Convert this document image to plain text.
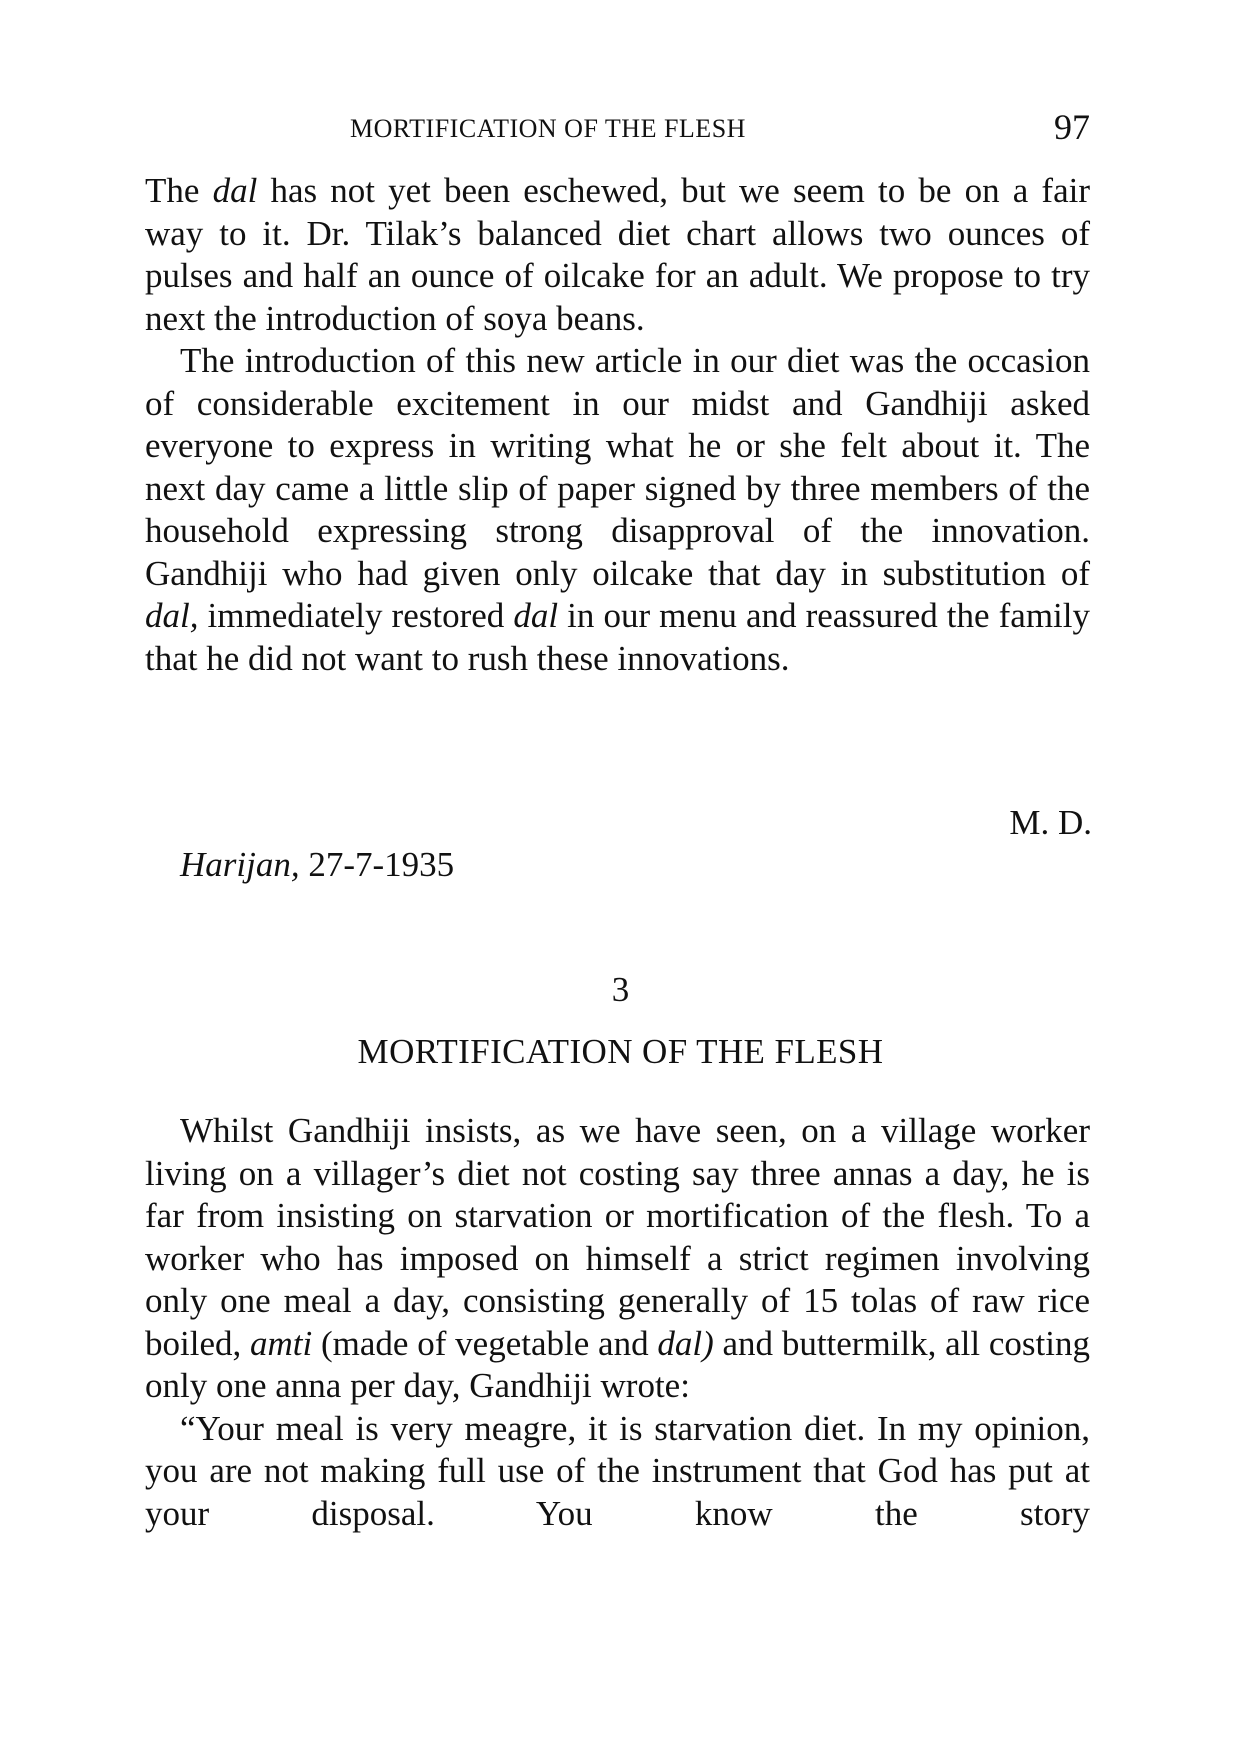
MORTIFICATION OF THE FLESH	97

The dal has not yet been eschewed, but we seem to be on a fair way to it. Dr. Tilak’s balanced diet chart allows two ounces of pulses and half an ounce of oilcake for an adult. We propose to try next the introduction of soya beans.

The introduction of this new article in our diet was the occasion of considerable excitement in our midst and Gandhiji asked everyone to express in writing what he or she felt about it. The next day came a little slip of paper signed by three members of the household expressing strong disapproval of the innovation. Gandhiji who had given only oilcake that day in substitution of dal, immediately restored dal in our menu and reassured the family that he did not want to rush these innovations.

M. D.
Harijan, 27-7-1935
3
MORTIFICATION OF THE FLESH

Whilst Gandhiji insists, as we have seen, on a village worker living on a villager’s diet not costing say three annas a day, he is far from insisting on starvation or mortification of the flesh. To a worker who has imposed on himself a strict regimen involving only one meal a day, consisting generally of 15 tolas of raw rice boiled, amti (made of vegetable and dal) and buttermilk, all costing only one anna per day, Gandhiji wrote:

“Your meal is very meagre, it is starvation diet. In my opinion, you are not making full use of the instrument that God has put at your disposal. You know the story
